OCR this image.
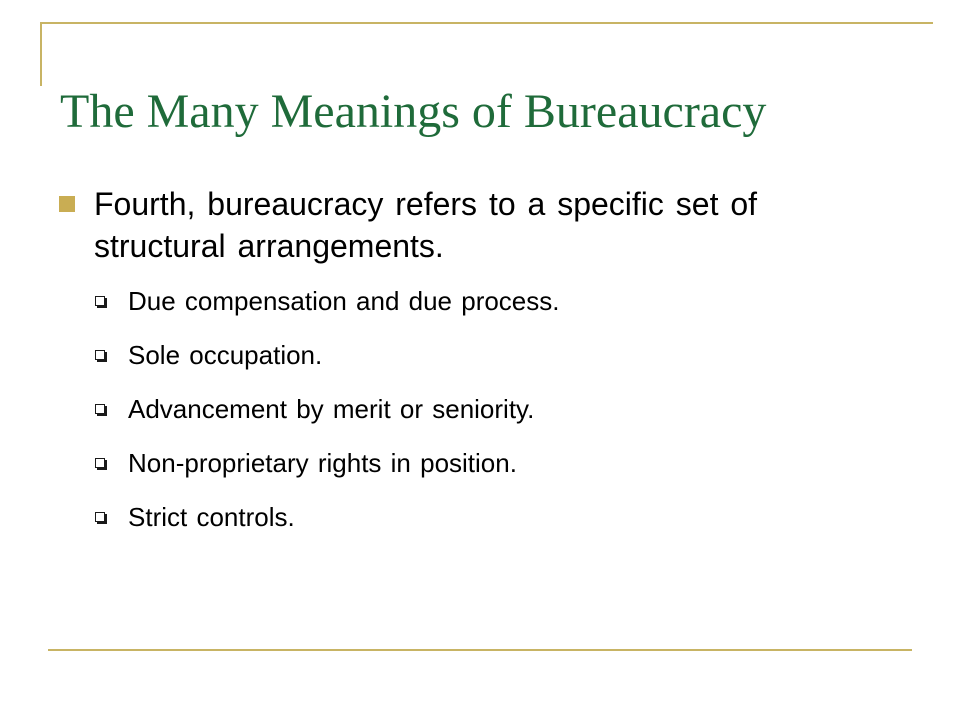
The Many Meanings of Bureaucracy
Fourth, bureaucracy refers to a specific set of structural arrangements.
Due compensation and due process.
Sole occupation.
Advancement by merit or seniority.
Non-proprietary rights in position.
Strict controls.
